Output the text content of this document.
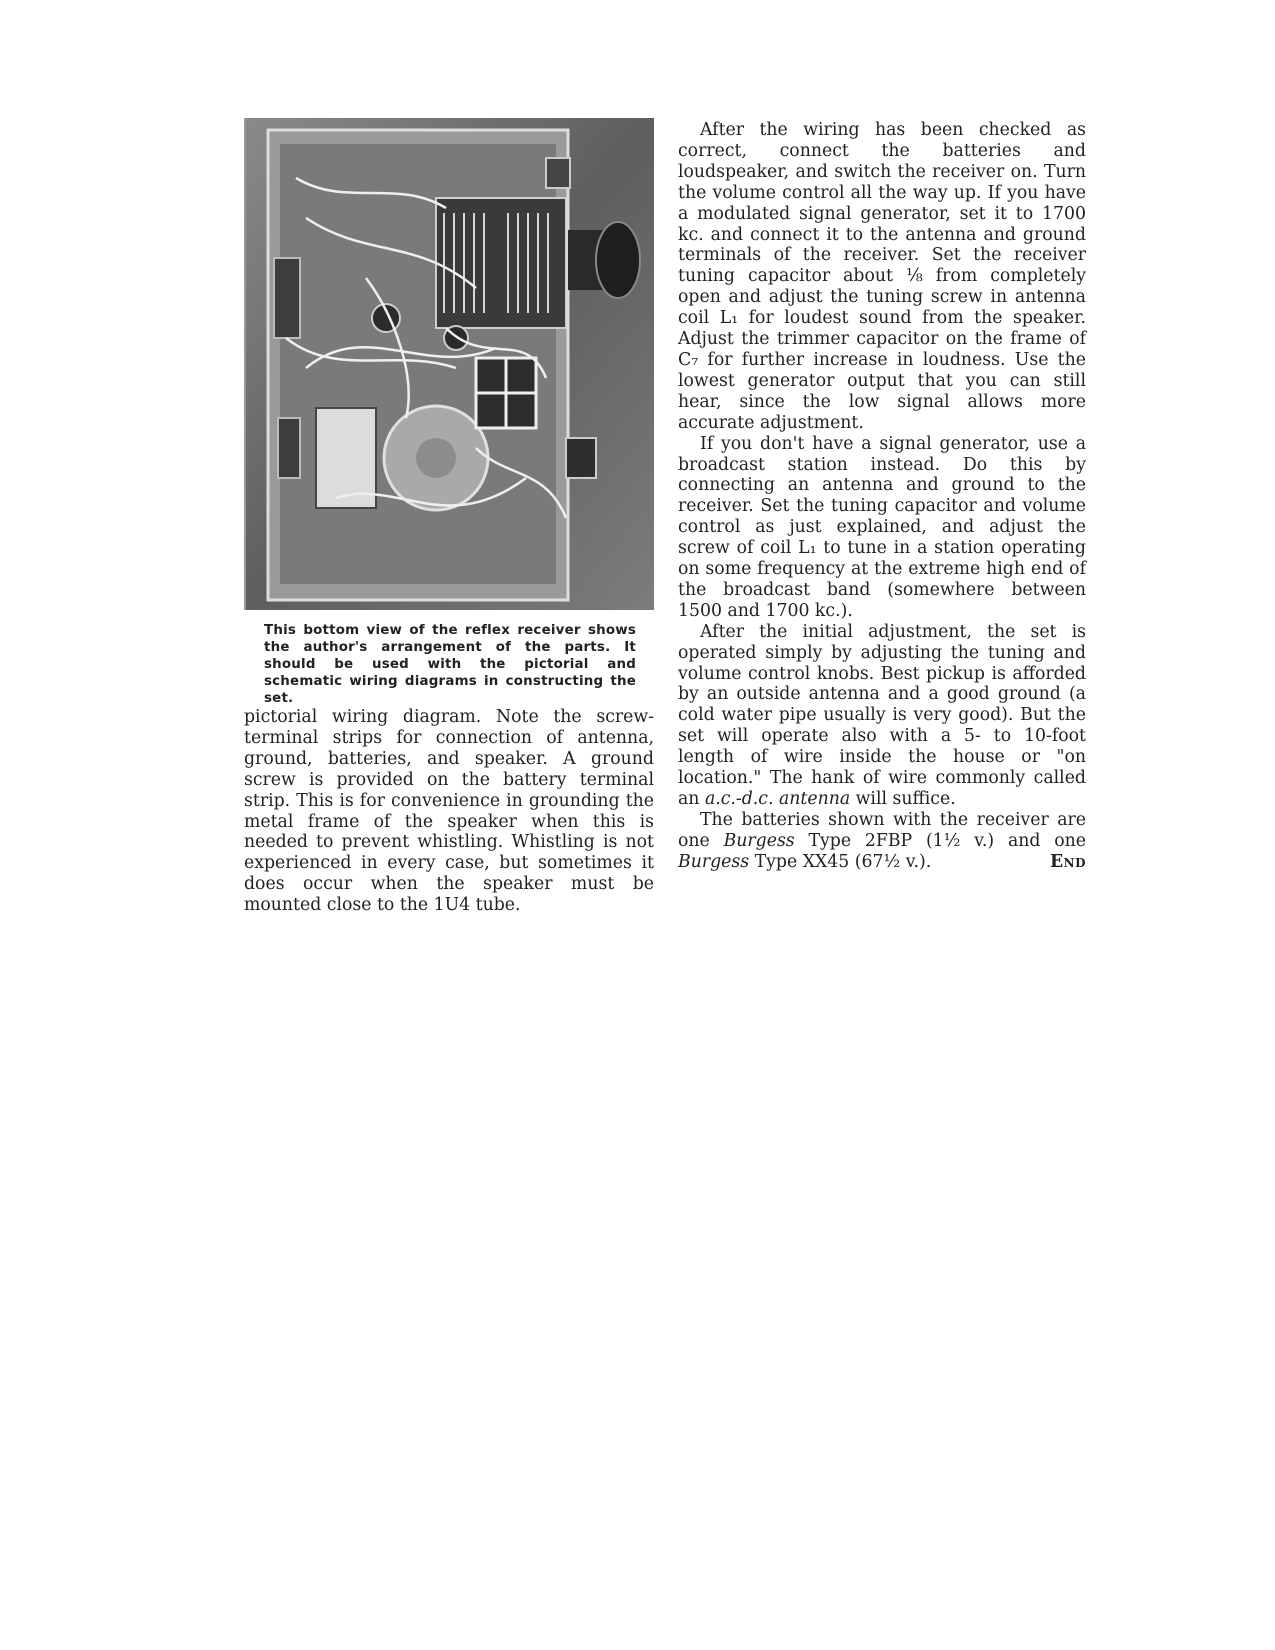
This bottom view of the reflex receiver shows the author's arrangement of the parts. It should be used with the pictorial and schematic wiring diagrams in constructing the set.

pictorial wiring diagram. Note the screw-terminal strips for connection of antenna, ground, batteries, and speaker. A ground screw is provided on the battery terminal strip. This is for convenience in grounding the metal frame of the speaker when this is needed to prevent whistling. Whistling is not experienced in every case, but sometimes it does occur when the speaker must be mounted close to the 1U4 tube.

After the wiring has been checked as correct, connect the batteries and loudspeaker, and switch the receiver on. Turn the volume control all the way up. If you have a modulated signal generator, set it to 1700 kc. and connect it to the antenna and ground terminals of the receiver. Set the receiver tuning capacitor about ⅛ from completely open and adjust the tuning screw in antenna coil L₁ for loudest sound from the speaker. Adjust the trimmer capacitor on the frame of C₇ for further increase in loudness. Use the lowest generator output that you can still hear, since the low signal allows more accurate adjustment.

If you don't have a signal generator, use a broadcast station instead. Do this by connecting an antenna and ground to the receiver. Set the tuning capacitor and volume control as just explained, and adjust the screw of coil L₁ to tune in a station operating on some frequency at the extreme high end of the broadcast band (somewhere between 1500 and 1700 kc.).

After the initial adjustment, the set is operated simply by adjusting the tuning and volume control knobs. Best pickup is afforded by an outside antenna and a good ground (a cold water pipe usually is very good). But the set will operate also with a 5- to 10-foot length of wire inside the house or "on location." The hank of wire commonly called an a.c.-d.c. antenna will suffice.

The batteries shown with the receiver are one Burgess Type 2FBP (1½ v.) and one Burgess Type XX45 (67½ v.).	End
